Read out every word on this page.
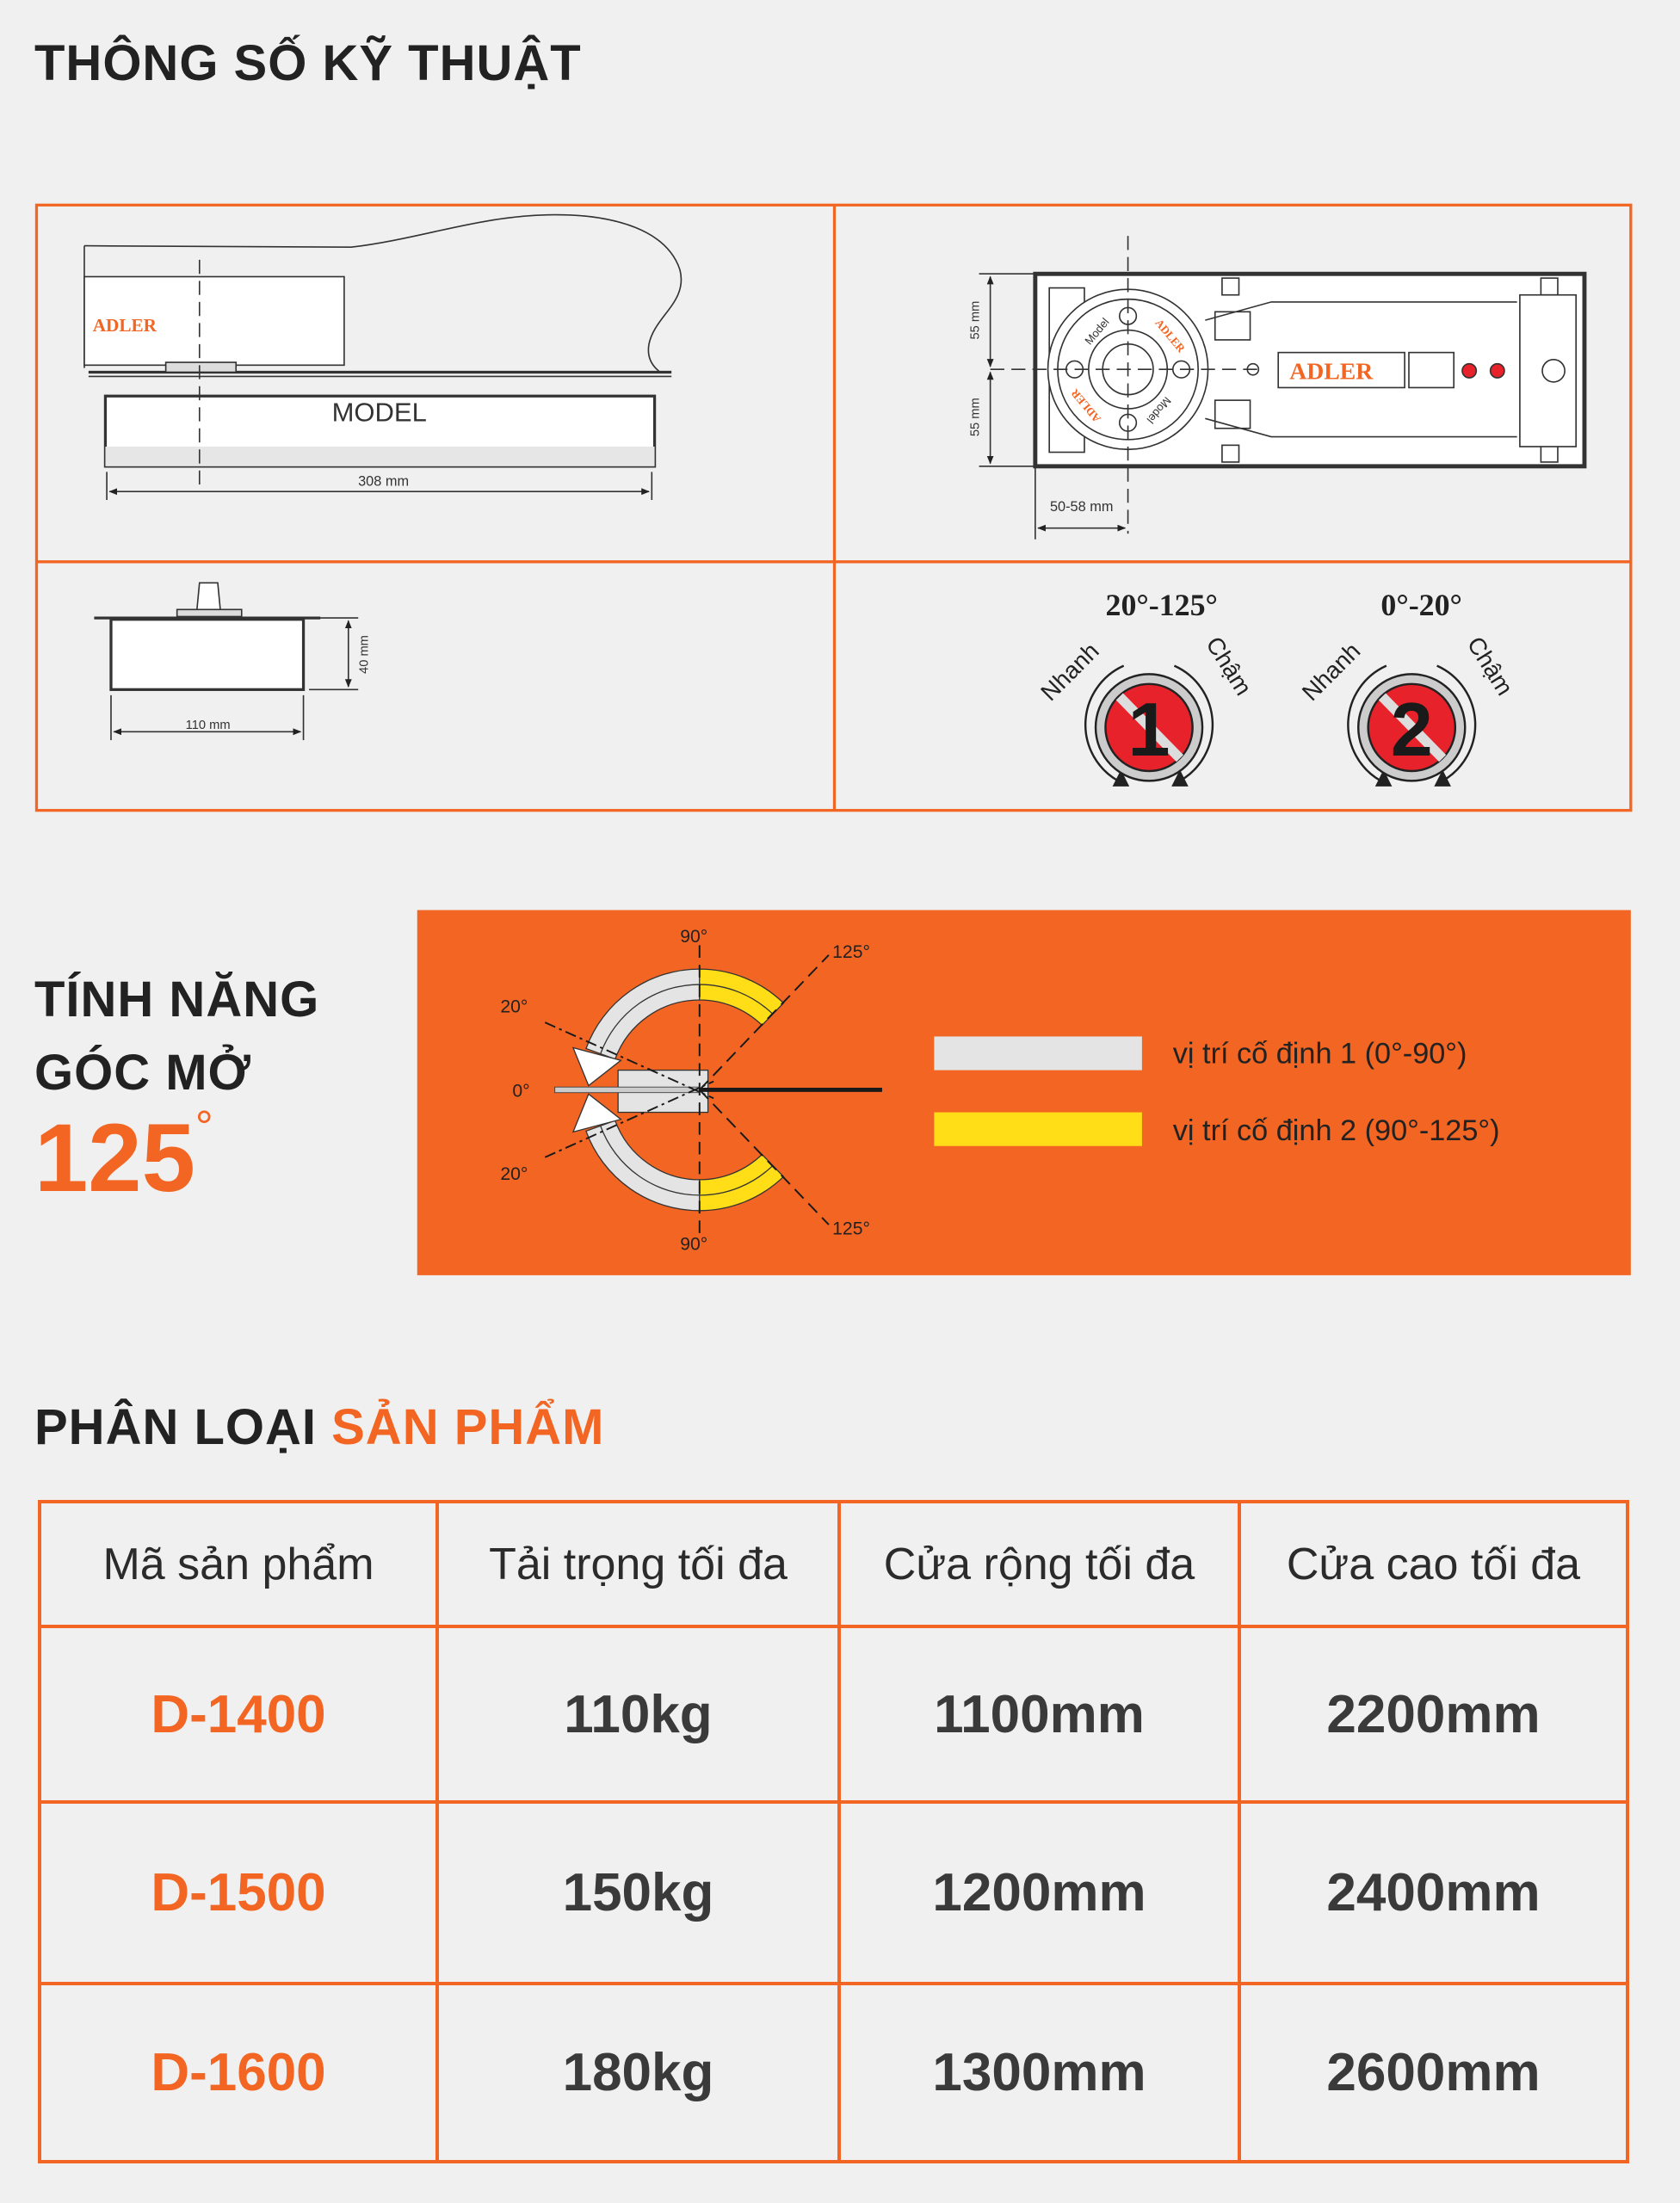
ADLER
MODEL
308 mm
ADLER
Model	ADLER
Model
ADLER
55 mm
55 mm
50-58 mm
110 mm
40 mm
20°-125°
Nhanh	Chậm
1
0°-20°
Nhanh	Chậm
2
90°
125°
20°
0°
20°
90°
125°
vị trí cố định 1 (0°-90°)
vị trí cố định 2 (90°-125°)
THÔNG SỐ KỸ THUẬT
TÍNH NĂNG
GÓC MỞ
125°
PHÂN LOẠI SẢN PHẨM
Mã sản phẩm	Tải trọng tối đa	Cửa rộng tối đa	Cửa cao tối đa
D-1400	110kg	1100mm	2200mm
D-1500	150kg	1200mm	2400mm
D-1600	180kg	1300mm	2600mm
